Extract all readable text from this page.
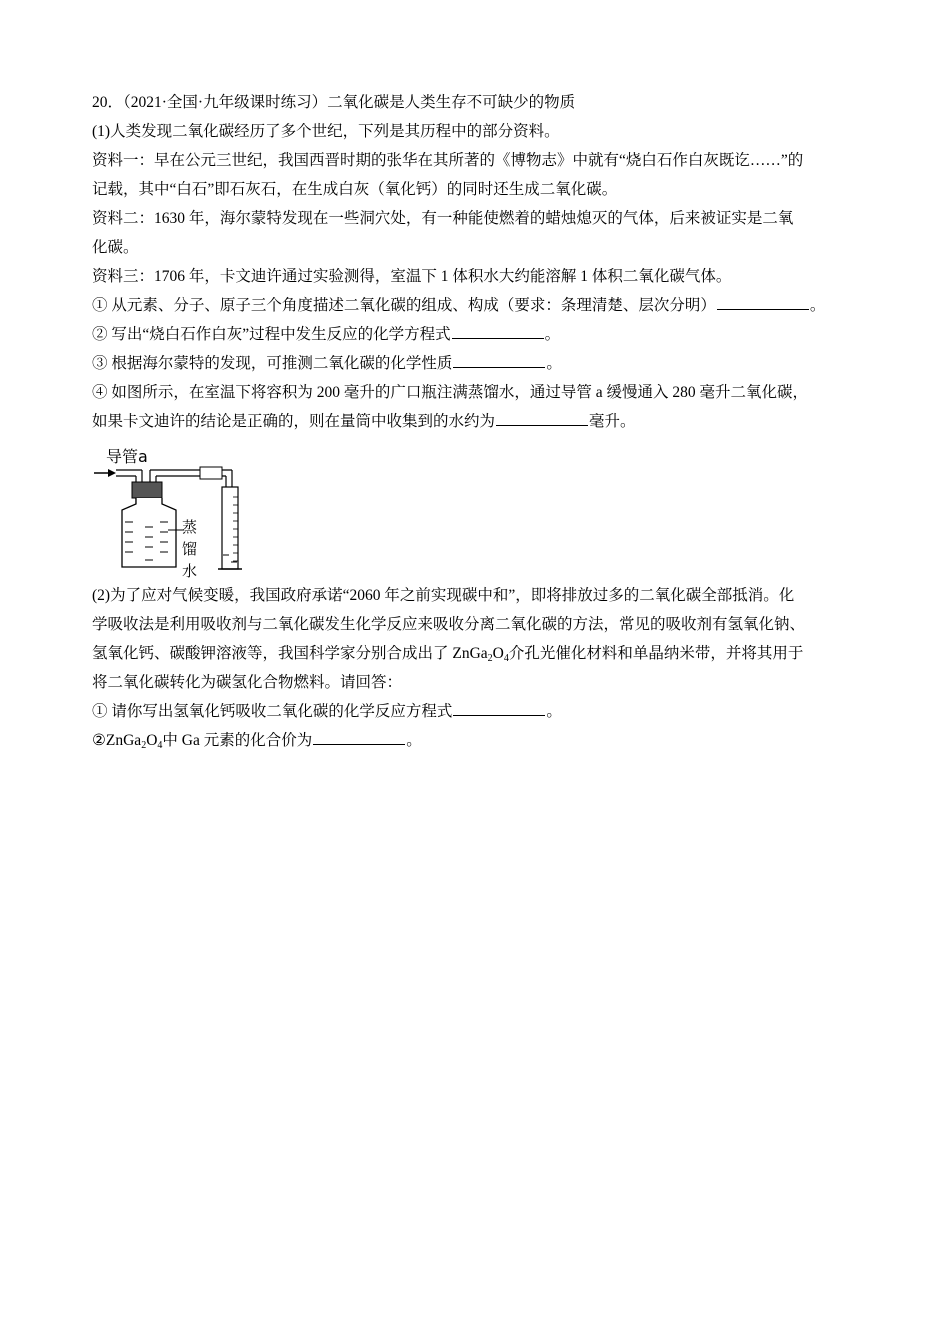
20．（2021·全国·九年级课时练习）二氧化碳是人类生存不可缺少的物质
(1)人类发现二氧化碳经历了多个世纪，下列是其历程中的部分资料。
资料一：早在公元三世纪，我国西晋时期的张华在其所著的《博物志》中就有“烧白石作白灰既讫……”的
记载，其中“白石”即石灰石，在生成白灰（氧化钙）的同时还生成二氧化碳。
资料二：1630 年，海尔蒙特发现在一些洞穴处，有一种能使燃着的蜡烛熄灭的气体，后来被证实是二氧
化碳。
资料三：1706 年，卡文迪许通过实验测得，室温下 1 体积水大约能溶解 1 体积二氧化碳气体。
① 从元素、分子、原子三个角度描述二氧化碳的组成、构成（要求：条理清楚、层次分明）	。
② 写出“烧白石作白灰”过程中发生反应的化学方程式	。
③ 根据海尔蒙特的发现，可推测二氧化碳的化学性质	。
④ 如图所示，在室温下将容积为 200 毫升的广口瓶注满蒸馏水，通过导管 a 缓慢通入 280 毫升二氧化碳，
如果卡文迪许的结论是正确的，则在量筒中收集到的水约为	毫升。
导管a
蒸馏水
(2)为了应对气候变暖，我国政府承诺“2060 年之前实现碳中和”，即将排放过多的二氧化碳全部抵消。化
学吸收法是利用吸收剂与二氧化碳发生化学反应来吸收分离二氧化碳的方法，常见的吸收剂有氢氧化钠、
氢氧化钙、碳酸钾溶液等，我国科学家分别合成出了 $ZnGa_2O_4$介孔光催化材料和单晶纳米带，并将其用于
将二氧化碳转化为碳氢化合物燃料。请回答：
① 请你写出氢氧化钙吸收二氧化碳的化学反应方程式	。
$②ZnGa_2O_4$中 Ga 元素的化合价为	。
